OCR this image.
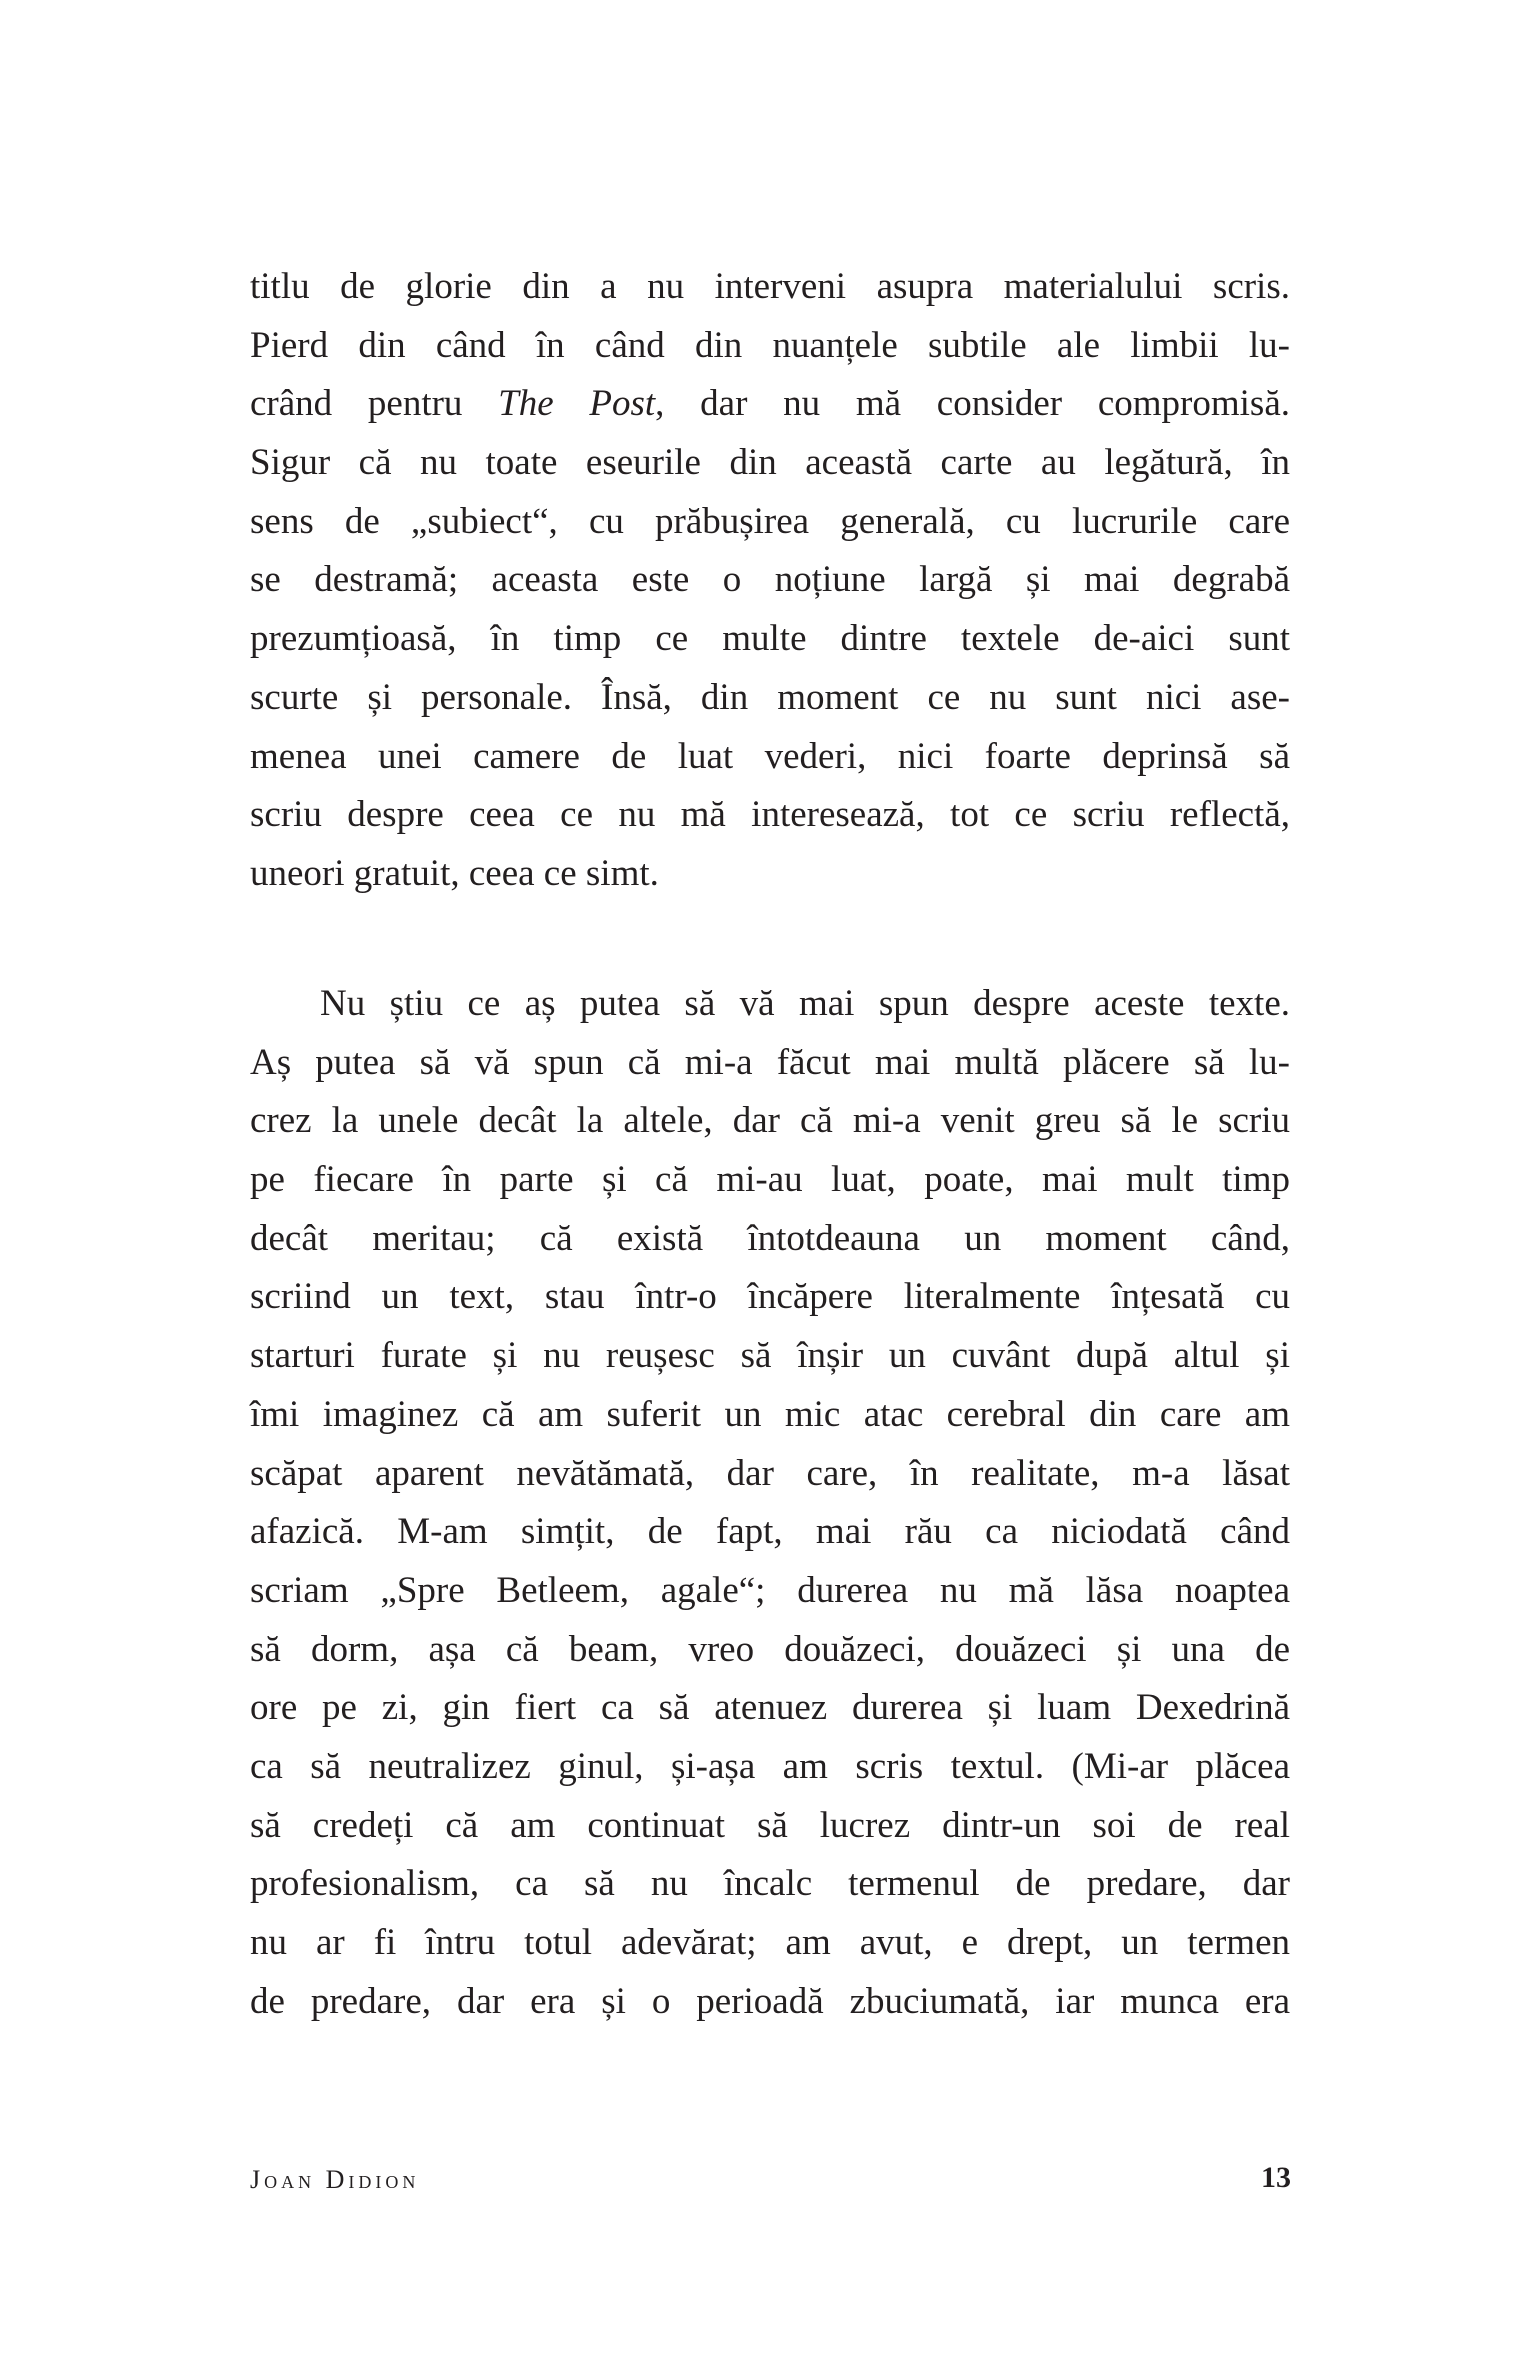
titlu de glorie din a nu interveni asupra materialului scris.
Pierd din când în când din nuanțele subtile ale limbii lu-
crând pentru The Post, dar nu mă consider compromisă.
Sigur că nu toate eseurile din această carte au legătură, în
sens de „subiect“, cu prăbușirea generală, cu lucrurile care
se destramă; aceasta este o noțiune largă și mai degrabă
prezumțioasă, în timp ce multe dintre textele de-aici sunt
scurte și personale. Însă, din moment ce nu sunt nici ase-
menea unei camere de luat vederi, nici foarte deprinsă să
scriu despre ceea ce nu mă interesează, tot ce scriu reflectă,
uneori gratuit, ceea ce simt.
Nu știu ce aș putea să vă mai spun despre aceste texte.
Aș putea să vă spun că mi-a făcut mai multă plăcere să lu-
crez la unele decât la altele, dar că mi-a venit greu să le scriu
pe fiecare în parte și că mi-au luat, poate, mai mult timp
decât meritau; că există întotdeauna un moment când,
scriind un text, stau într-o încăpere literalmente înțesată cu
starturi furate și nu reușesc să înșir un cuvânt după altul și
îmi imaginez că am suferit un mic atac cerebral din care am
scăpat aparent nevătămată, dar care, în realitate, m-a lăsat
afazică. M-am simțit, de fapt, mai rău ca niciodată când
scriam „Spre Betleem, agale“; durerea nu mă lăsa noaptea
să dorm, așa că beam, vreo douăzeci, douăzeci și una de
ore pe zi, gin fiert ca să atenuez durerea și luam Dexedrină
ca să neutralizez ginul, și-așa am scris textul. (Mi-ar plăcea
să credeți că am continuat să lucrez dintr-un soi de real
profesionalism, ca să nu încalc termenul de predare, dar
nu ar fi întru totul adevărat; am avut, e drept, un termen
de predare, dar era și o perioadă zbuciumată, iar munca era
Joan Didion	13
